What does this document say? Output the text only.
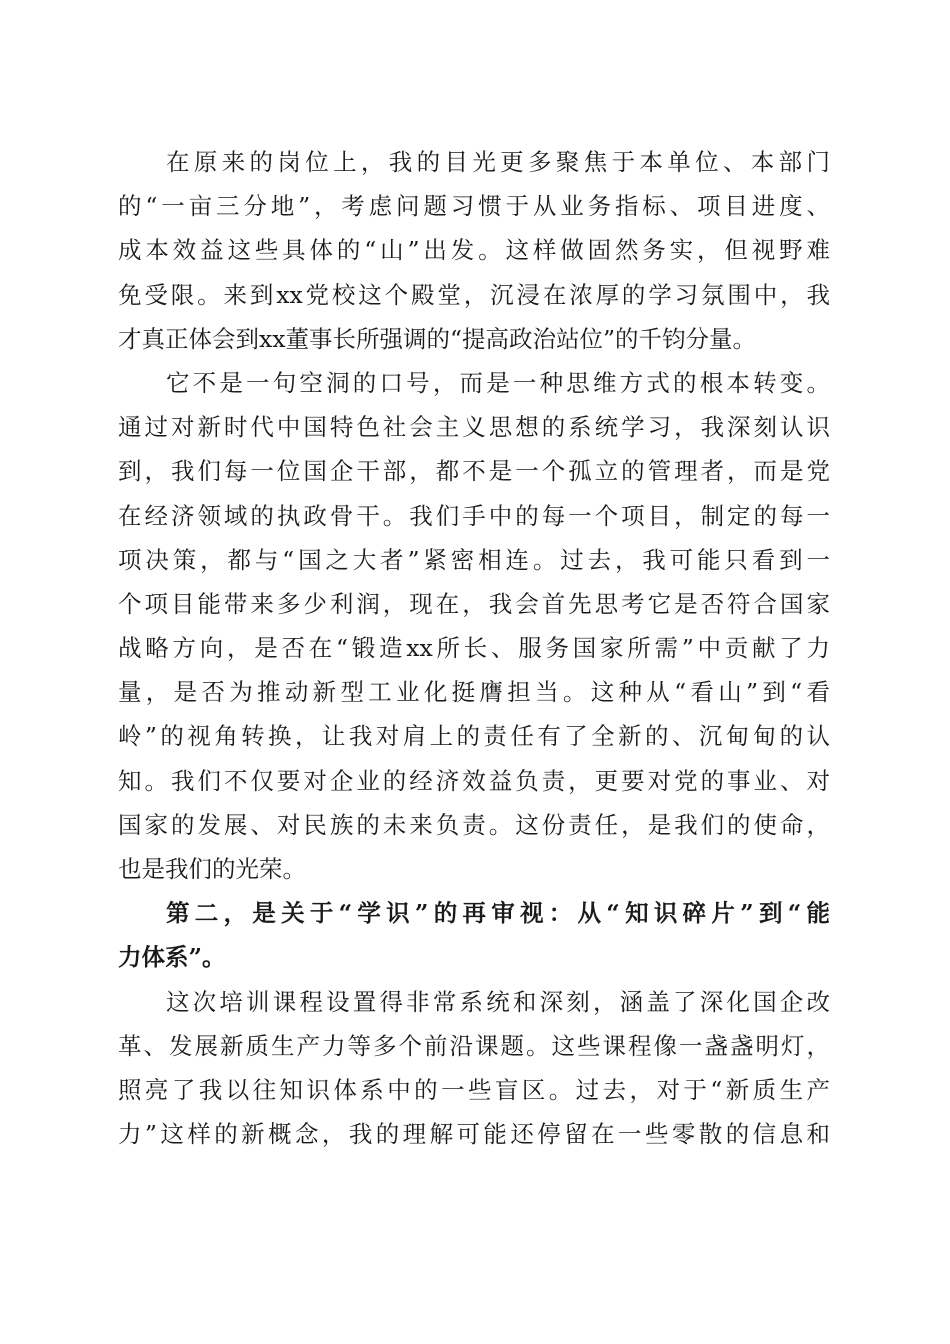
在原来的岗位上，我的目光更多聚焦于本单位、本部门
的“一亩三分地”，考虑问题习惯于从业务指标、项目进度、
成本效益这些具体的“山”出发。这样做固然务实，但视野难
免受限。来到xx党校这个殿堂，沉浸在浓厚的学习氛围中，我
才真正体会到xx董事长所强调的“提高政治站位”的千钧分量。
它不是一句空洞的口号，而是一种思维方式的根本转变。
通过对新时代中国特色社会主义思想的系统学习，我深刻认识
到，我们每一位国企干部，都不是一个孤立的管理者，而是党
在经济领域的执政骨干。我们手中的每一个项目，制定的每一
项决策，都与“国之大者”紧密相连。过去，我可能只看到一
个项目能带来多少利润，现在，我会首先思考它是否符合国家
战略方向，是否在“锻造xx所长、服务国家所需”中贡献了力
量，是否为推动新型工业化挺膺担当。这种从“看山”到“看
岭”的视角转换，让我对肩上的责任有了全新的、沉甸甸的认
知。我们不仅要对企业的经济效益负责，更要对党的事业、对
国家的发展、对民族的未来负责。这份责任，是我们的使命，
也是我们的光荣。
第二，是关于“学识”的再审视：从“知识碎片”到“能
力体系”。
这次培训课程设置得非常系统和深刻，涵盖了深化国企改
革、发展新质生产力等多个前沿课题。这些课程像一盏盏明灯，
照亮了我以往知识体系中的一些盲区。过去，对于“新质生产
力”这样的新概念，我的理解可能还停留在一些零散的信息和
